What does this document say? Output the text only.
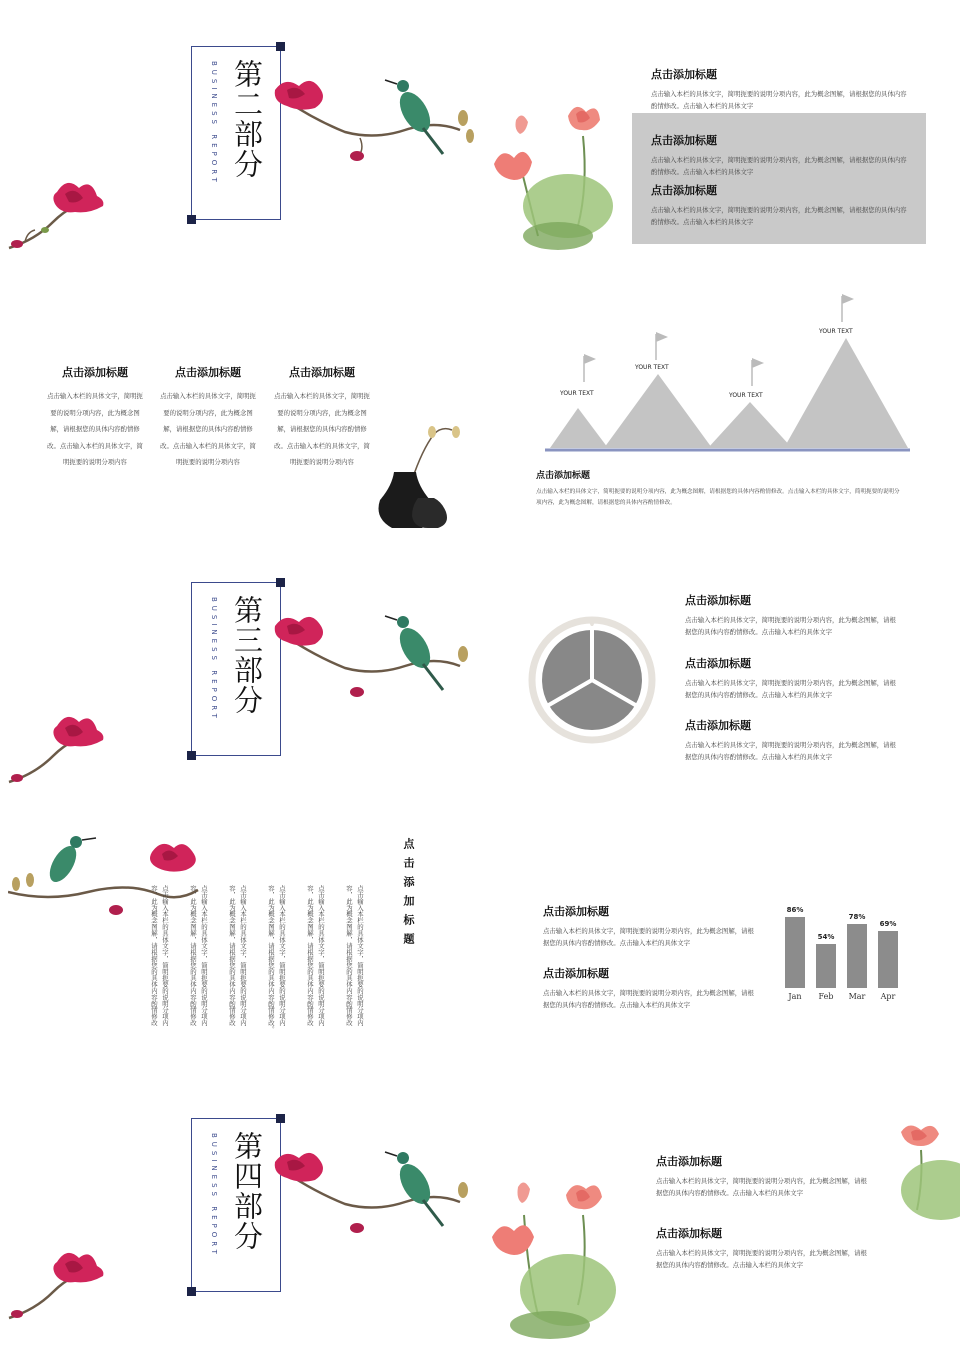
BUSINESS REPORT 第二部分	点击添加标题
点击输入本栏的具体文字，简明扼要的说明分项内容，此为概念图解，请根据您的具体内容酌情修改。点击输入本栏的具体文字
点击添加标题
点击输入本栏的具体文字，简明扼要的说明分项内容，此为概念图解，请根据您的具体内容酌情修改。点击输入本栏的具体文字
点击添加标题
点击输入本栏的具体文字，简明扼要的说明分项内容，此为概念图解，请根据您的具体内容酌情修改。点击输入本栏的具体文字
点击添加标题
点击输入本栏的具体文字，简明扼要的说明分项内容，此为概念图解，请根据您的具体内容酌情修改。点击输入本栏的具体文字，简明扼要的说明分项内容
点击添加标题
点击输入本栏的具体文字，简明扼要的说明分项内容，此为概念图解，请根据您的具体内容酌情修改。点击输入本栏的具体文字，简明扼要的说明分项内容
点击添加标题
点击输入本栏的具体文字，简明扼要的说明分项内容，此为概念图解，请根据您的具体内容酌情修改。点击输入本栏的具体文字，简明扼要的说明分项内容
YOUR TEXT
YOUR TEXT
YOUR TEXT
YOUR TEXT
点击添加标题
点击输入本栏的具体文字，简明扼要的说明分项内容，此为概念图解，请根据您的具体内容酌情修改。点击输入本栏的具体文字，简明扼要的说明分项内容，此为概念图解，请根据您的具体内容酌情修改。
BUSINESS REPORT 第三部分	点击添加标题
点击输入本栏的具体文字，简明扼要的说明分项内容，此为概念图解，请根据您的具体内容酌情修改。点击输入本栏的具体文字
点击添加标题
点击输入本栏的具体文字，简明扼要的说明分项内容，此为概念图解，请根据您的具体内容酌情修改。点击输入本栏的具体文字
点击添加标题
点击输入本栏的具体文字，简明扼要的说明分项内容，此为概念图解，请根据您的具体内容酌情修改。点击输入本栏的具体文字
点击添加标题
点击输入本栏的具体文字，简明扼要的说明分项内容，此为概念图解，请根据您的具体内容酌情修改
点击输入本栏的具体文字，简明扼要的说明分项内容，此为概念图解，请根据您的具体内容酌情修改
点击输入本栏的具体文字，简明扼要的说明分项内容，此为概念图解，请根据您的具体内容酌情修改。
点击输入本栏的具体文字，简明扼要的说明分项内容，此为概念图解，请根据您的具体内容酌情修改
点击输入本栏的具体文字，简明扼要的说明分项内容，此为概念图解，请根据您的具体内容酌情修改
点击输入本栏的具体文字，简明扼要的说明分项内容，此为概念图解，请根据您的具体内容酌情修改	点击添加标题
点击输入本栏的具体文字，简明扼要的说明分项内容，此为概念图解，请根据您的具体内容酌情修改。点击输入本栏的具体文字
点击添加标题
点击输入本栏的具体文字，简明扼要的说明分项内容，此为概念图解，请根据您的具体内容酌情修改。点击输入本栏的具体文字
86%
Jan
54%
Feb
78%
Mar
69%
Apr
BUSINESS REPORT 第四部分	点击添加标题
点击输入本栏的具体文字，简明扼要的说明分项内容，此为概念图解，请根据您的具体内容酌情修改。点击输入本栏的具体文字
点击添加标题
点击输入本栏的具体文字，简明扼要的说明分项内容，此为概念图解，请根据您的具体内容酌情修改。点击输入本栏的具体文字
